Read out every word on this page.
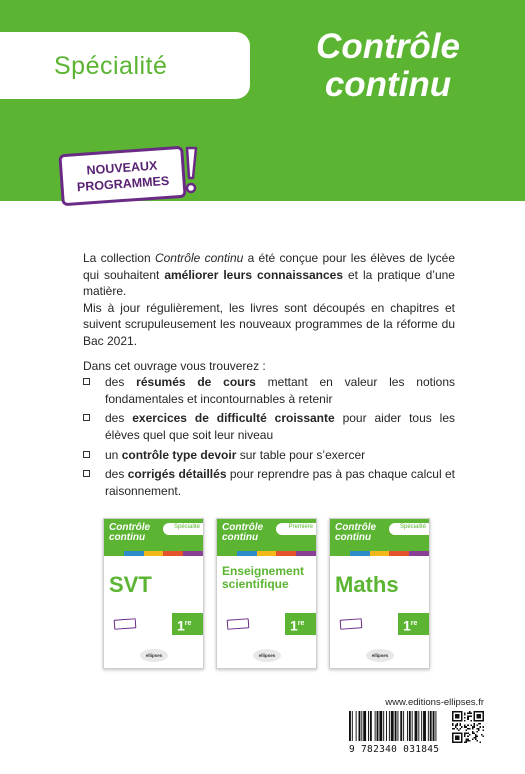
Spécialité	Contrôle
continu
NOUVEAUX
PROGRAMMES

La collection Contrôle continu a été conçue pour les élèves de lycée qui souhaitent améliorer leurs connaissances et la pratique d’une matière.

Mis à jour régulièrement, les livres sont découpés en chapitres et suivent scrupuleusement les nouveaux programmes de la réforme du Bac 2021.

Dans cet ouvrage vous trouverez :

des résumés de cours mettant en valeur les notions fondamentales et incontournables à retenir
des exercices de difficulté croissante pour aider tous les élèves quel que soit leur niveau
un contrôle type devoir sur table pour s’exercer
des corrigés détaillés pour reprendre pas à pas chaque calcul et raisonnement.
Spécialité
Contrôle
continu
SVT
1re
ellipses
Première
Contrôle
continu
Enseignement
scientifique
1re
ellipses
Spécialité
Contrôle
continu
Maths
1re
ellipses
www.editions-ellipses.fr
9 782340 031845
